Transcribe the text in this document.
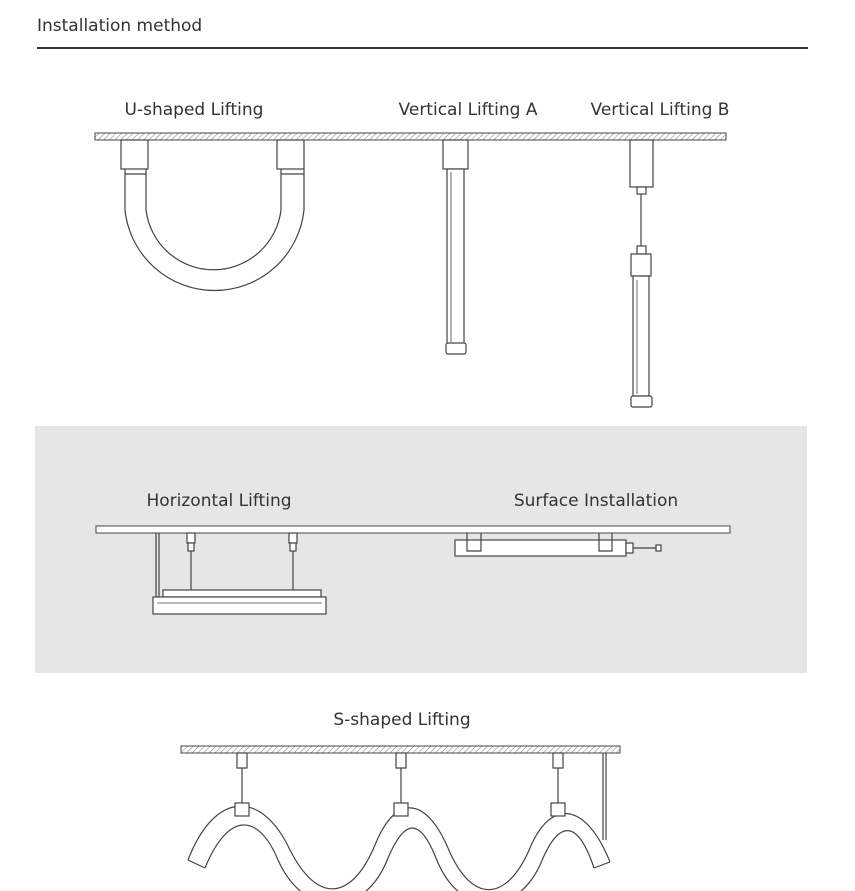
Installation method
U-shaped Lifting	Vertical Lifting A	Vertical Lifting B
Horizontal Lifting	Surface Installation
S-shaped Lifting
